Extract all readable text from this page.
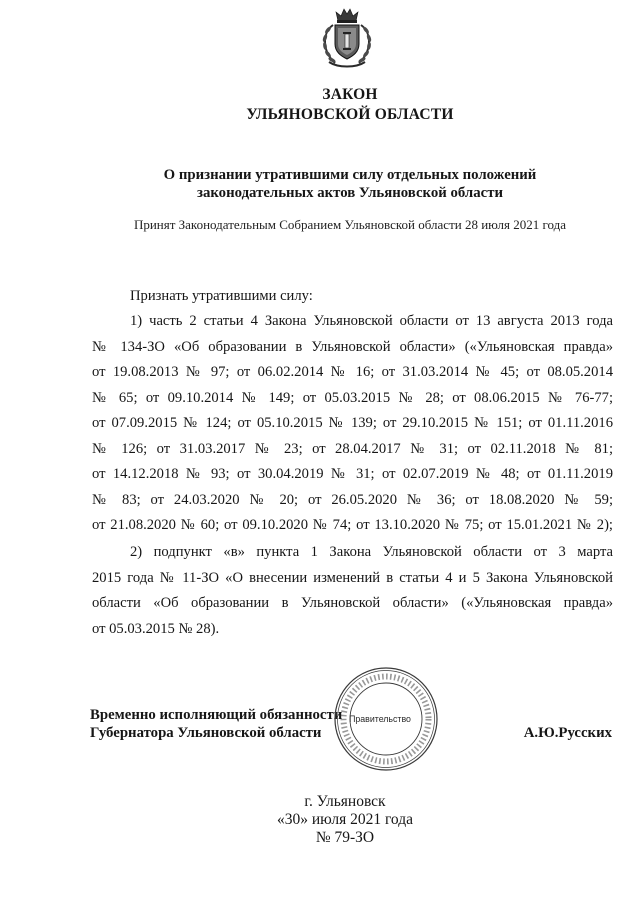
ЗАКОН
УЛЬЯНОВСКОЙ ОБЛАСТИ
О признании утратившими силу отдельных положений
законодательных актов Ульяновской области
Принят Законодательным Собранием Ульяновской области 28 июля 2021 года
Признать утратившими силу:
1) часть 2 статьи 4 Закона Ульяновской области от 13 августа 2013 года
№ 134-ЗО «Об образовании в Ульяновской области» («Ульяновская правда»
от 19.08.2013 № 97; от 06.02.2014 № 16; от 31.03.2014 № 45; от 08.05.2014
№ 65; от 09.10.2014 № 149; от 05.03.2015 № 28; от 08.06.2015 № 76-77;
от 07.09.2015 № 124; от 05.10.2015 № 139; от 29.10.2015 № 151; от 01.11.2016
№ 126; от 31.03.2017 № 23; от 28.04.2017 № 31; от 02.11.2018 № 81;
от 14.12.2018 № 93; от 30.04.2019 № 31; от 02.07.2019 № 48; от 01.11.2019
№ 83; от 24.03.2020 № 20; от 26.05.2020 № 36; от 18.08.2020 № 59;
от 21.08.2020 № 60; от 09.10.2020 № 74; от 13.10.2020 № 75; от 15.01.2021 № 2);
2) подпункт «в» пункта 1 Закона Ульяновской области от 3 марта
2015 года № 11-ЗО «О внесении изменений в статьи 4 и 5 Закона Ульяновской
области «Об образовании в Ульяновской области» («Ульяновская правда»
от 05.03.2015 № 28).
Временно исполняющий обязанности
Губернатора Ульяновской области	А.Ю.Русских
Правительство
г. Ульяновск
«30» июля 2021 года
№ 79-ЗО
